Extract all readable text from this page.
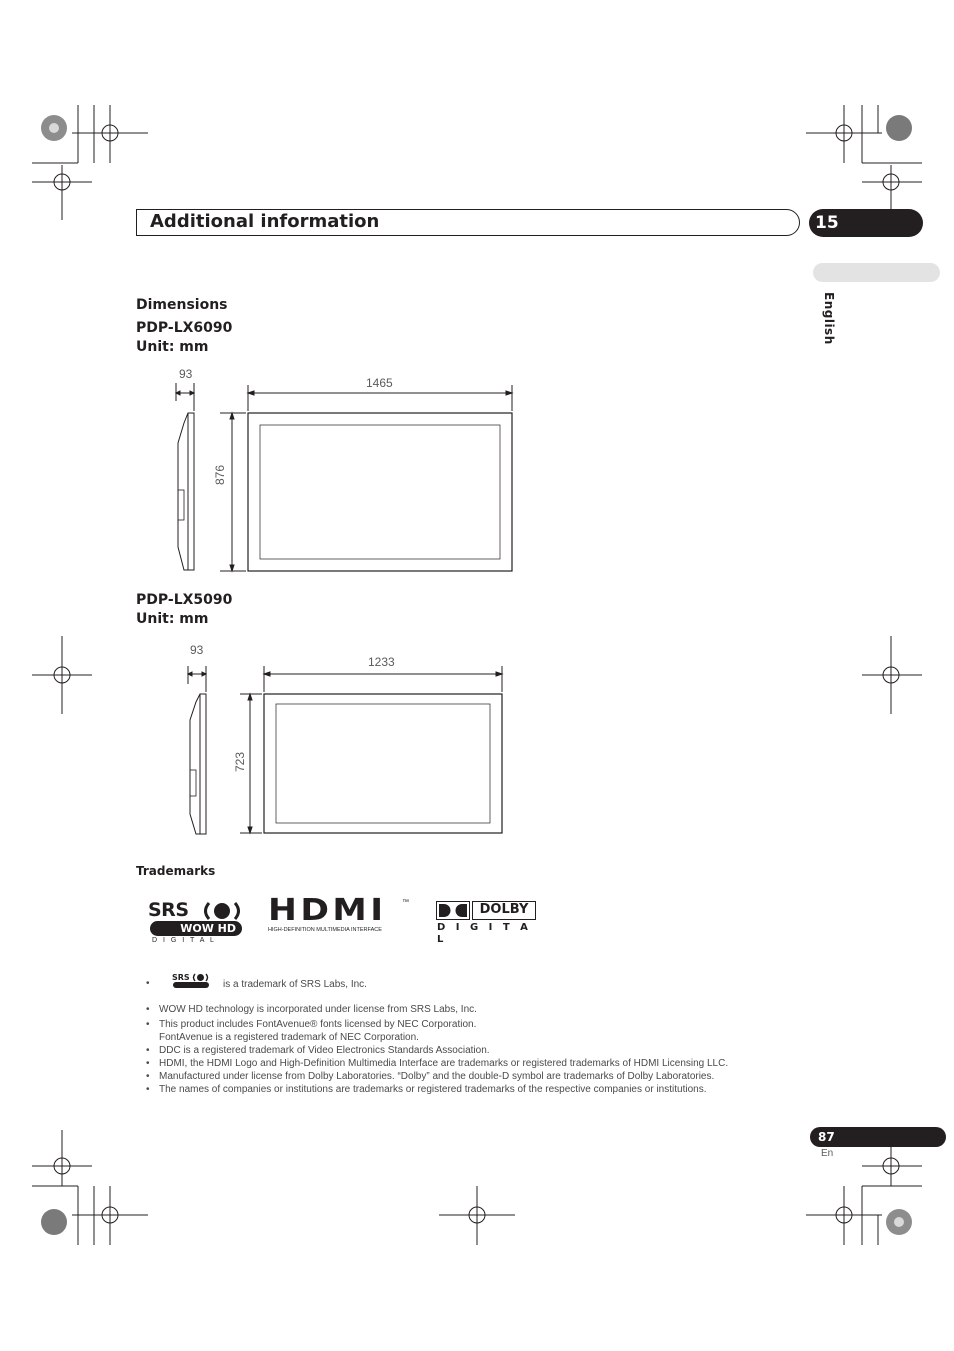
Additional information	15
English
Dimensions
PDP-LX6090
Unit: mm
93
1465
876
PDP-LX5090
Unit: mm
93
1233
723
Trademarks
SRS
WOW HD
D I G I T A L
HDMI ™
HIGH-DEFINITION MULTIMEDIA INTERFACE
DOLBY
D I G I T A L
•
SRS
is a trademark of SRS Labs, Inc.
• WOW HD technology is incorporated under license from SRS Labs, Inc.
• This product includes FontAvenue® fonts licensed by NEC Corporation.
FontAvenue is a registered trademark of NEC Corporation.
• DDC is a registered trademark of Video Electronics Standards Association.
• HDMI, the HDMI Logo and High-Definition Multimedia Interface are trademarks or registered trademarks of HDMI Licensing LLC.
• Manufactured under license from Dolby Laboratories. “Dolby” and the double-D symbol are trademarks of Dolby Laboratories.
• The names of companies or institutions are trademarks or registered trademarks of the respective companies or institutions.
87
En
